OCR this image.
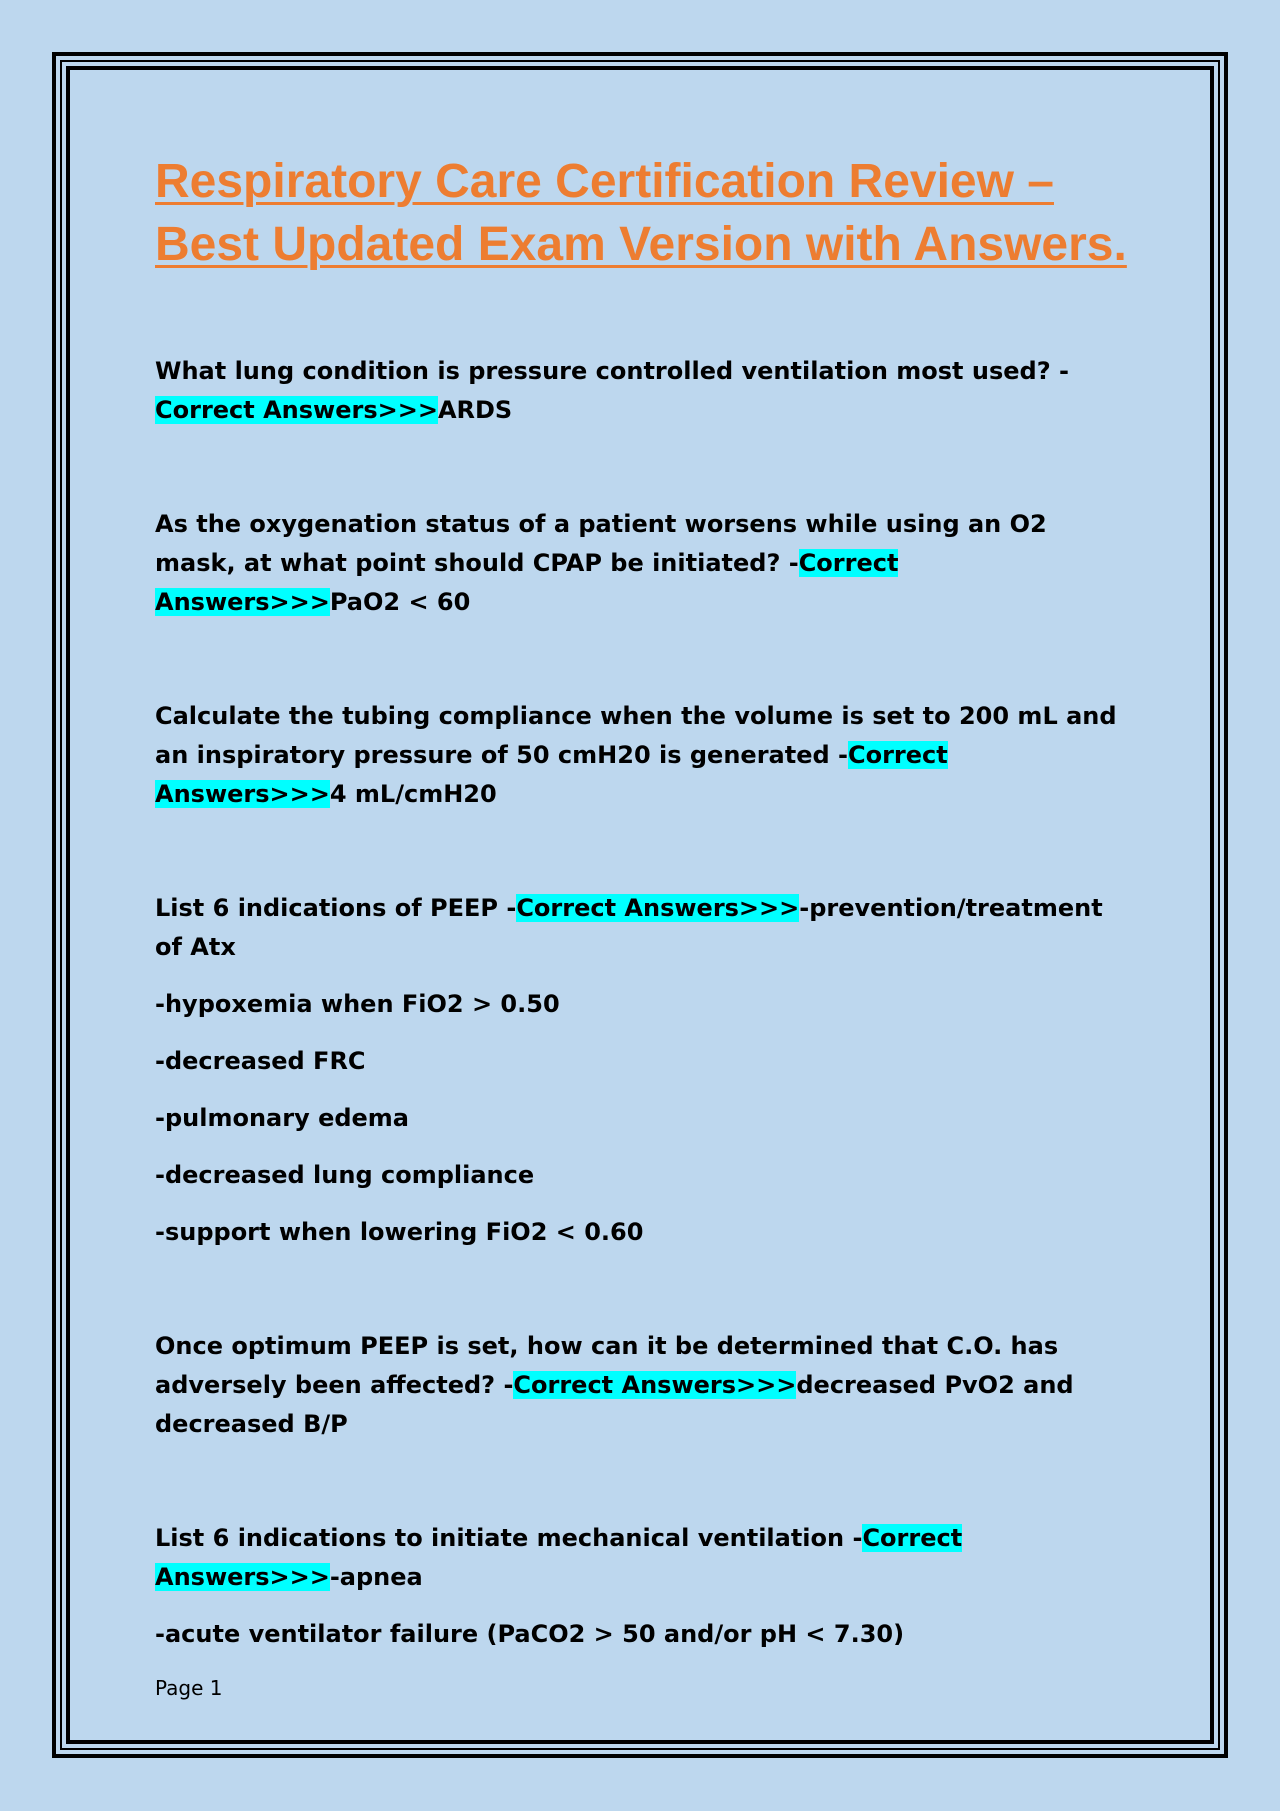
Respiratory Care Certification Review – Best Updated Exam Version with Answers.

What lung condition is pressure controlled ventilation most used? -Correct Answers>>>ARDS

As the oxygenation status of a patient worsens while using an O2 mask, at what point should CPAP be initiated? -Correct Answers>>>PaO2 < 60

Calculate the tubing compliance when the volume is set to 200 mL and an inspiratory pressure of 50 cmH20 is generated -Correct Answers>>>4 mL/cmH20

List 6 indications of PEEP -Correct Answers>>>-prevention/treatment of Atx
-hypoxemia when FiO2 > 0.50
-decreased FRC
-pulmonary edema
-decreased lung compliance
-support when lowering FiO2 < 0.60

Once optimum PEEP is set, how can it be determined that C.O. has adversely been affected? -Correct Answers>>>decreased PvO2 and decreased B/P

List 6 indications to initiate mechanical ventilation -Correct Answers>>>-apnea
-acute ventilator failure (PaCO2 > 50 and/or pH < 7.30)

Page 1
